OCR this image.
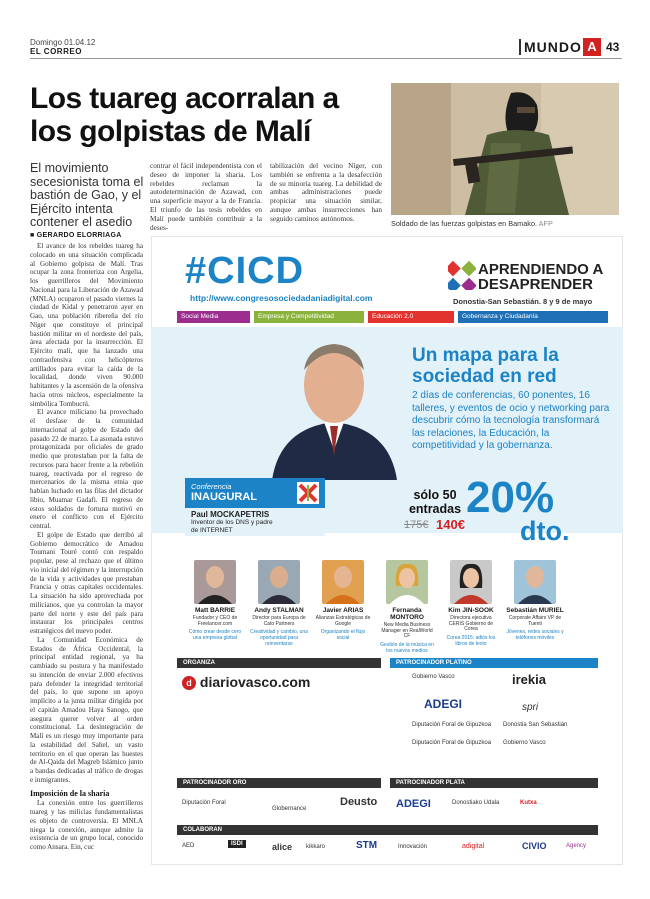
Domingo 01.04.12
EL CORREO	MUNDO A 43
Los tuareg acorralan a los golpistas de Malí
El movimiento secesionista toma el bastión de Gao, y el Ejército intenta contener el asedio
contrar el fácil independentista con el deseo de imponer la sharia. Los rebeldes reclaman la autodeterminación de Azawad, con una superficie mayor a la de Francia. El triunfo de las tesis rebeldes en Malí puede también contribuir a la deses-
tabilización del vecino Níger, con también se enfrenta a la desafección de su minoría tuareg. La debilidad de ambas administraciones puede propiciar una situación similar, aunque ambas insurrecciones han seguido caminos autónomos.
Soldado de las fuerzas golpistas en Bamako. AFP
■ GERARDO ELORRIAGA

El avance de los rebeldes tuareg ha colocado en una situación complicada al Gobierno golpista de Malí. Tras ocupar la zona fronteriza con Argelia, los guerrilleros del Movimiento Nacional para la Liberación de Azawad (MNLA) ocuparon el pasado viernes la ciudad de Kidal y penetraron ayer en Gao, una población ribereña del río Níger que constituye el principal bastión militar en el nordeste del país, área afectada por la insurrección. El Ejército malí, que ha lanzado una contraofensiva con helicópteros artillados para evitar la caída de la localidad, donde viven 90.000 habitantes y la ascensión de la ofensiva hacia otros núcleos, especialmente la simbólica Tombuctú.

El avance miliciano ha provechado el desfase de la comunidad internacional al golpe de Estado del pasado 22 de marzo. La asonada estuvo protagonizada por oficiales de grado medio que protestaban por la falta de recursos para hacer frente a la rebelión tuareg, reactivada por el regreso de mercenarios de la misma etnia que habían luchado en las filas del dictador libio, Muamar Gadafi. El regreso de estos soldados de fortuna motivó en enero el conflicto con el Ejército central.

El golpe de Estado que derribó al Gobierno democrático de Amadou Toumani Touré contó con respaldo popular, pese al rechazo que el último vio inicial del régimen y la interrupción de la vida y actividades que prestaban Francia y otras capitales occidentales. La situación ha sido aprovechada por milicianos, que ya controlan la mayor parte del norte y este del país para instaurar los principales centros estratégicos del nuevo poder.

La Comunidad Económica de Estados de África Occidental, la principal entidad regional, ya ha cambiado su postura y ha manifestado su intención de enviar 2.000 efectivos para defender la integridad territorial del país, lo que supone un apoyo implícito a la junta militar dirigida por el capitán Amadou Haya Sanogo, que asegura querer volver al orden constitucional. La desintegración de Malí es un riesgo muy importante para la estabilidad del Sahel, un vasto territorio en el que operan las huestes de Al-Qaida del Magreb Islámico junto a bandas dedicadas al tráfico de drogas e inmigrantes.

Imposición de la sharia

La conexión entre los guerrilleros tuareg y las milicias fundamentalistas es objeto de controversia. El MNLA niega la conexión, aunque admite la existencia de un grupo local, conocido como Ansara. Ein, cuc

#CICD
http://www.congresosociedadaniadigital.com
APRENDIENDO A DESAPRENDER
Donostia-San Sebastián. 8 y 9 de mayo
Social Media	Empresa y Competitividad	Educación 2.0	Gobernanza y Ciudadanía
Un mapa para la sociedad en red
2 días de conferencias, 60 ponentes, 16 talleres, y eventos de ocio y networking para descubrir cómo la tecnología transformará las relaciones, la Educación, la competitividad y la gobernanza.
Conferencia
INAUGURAL
Paul MOCKAPETRIS
Inventor de los DNS y padre de INTERNET
sólo 50 entradas
175€ 140€
20%
dto.
Matt BARRIE
Fundador y CEO de Freelancer.com
Cómo crear desde cero una empresa global
Andy STALMAN
Director para Europa de Cato Partners
Creatividad y cambio, una oportunidad para reinventarse
Javier ARIAS
Alianzas Estratégicas de Google
Organizando el flujo social
Fernanda MONTORO
New Media Business Manager en RealWorld CF
Gestión de la música en los nuevos medios
Kim JIN-SOOK
Directora ejecutiva CERIS Gobierno de Corea
Corea 2015: adiós los libros de texto
Sebastián MURIEL
Corporate Affairs VP de Tuenti
Jóvenes, redes sociales y teléfonos móviles
ORGANIZA
d diariovasco.com
PATROCINADOR PLATINO
Gobierno Vasco	irekia
ADEGI	spri
Diputación Foral de Gipuzkoa Donostia San Sebastián
Diputación Foral de Gipuzkoa Gobierno Vasco
PATROCINADOR ORO
Diputación Foral
Globernance
Deusto
PATROCINADOR PLATA
ADEGI	Donostiako Udala	Kutxa
COLABORAN
AED	ISDI	alice kikkaro	STM	Innovación	adigital	CIVIO	Agency
